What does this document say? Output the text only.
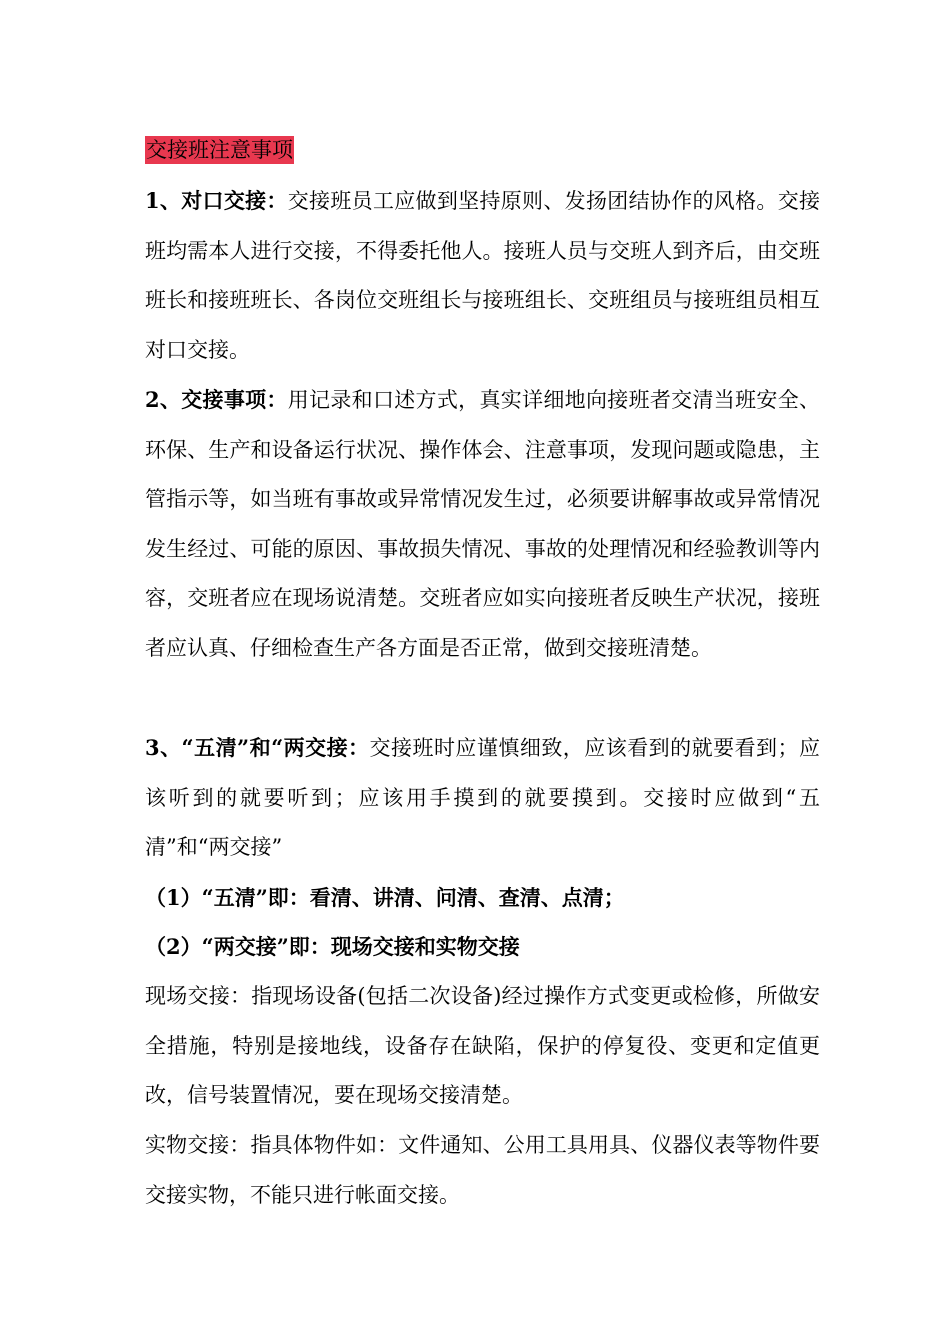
交接班注意事项

1、对口交接：交接班员工应做到坚持原则、发扬团结协作的风格。交接班均需本人进行交接，不得委托他人。接班人员与交班人到齐后，由交班班长和接班班长、各岗位交班组长与接班组长、交班组员与接班组员相互对口交接。

2、交接事项：用记录和口述方式，真实详细地向接班者交清当班安全、环保、生产和设备运行状况、操作体会、注意事项，发现问题或隐患，主管指示等，如当班有事故或异常情况发生过，必须要讲解事故或异常情况发生经过、可能的原因、事故损失情况、事故的处理情况和经验教训等内容，交班者应在现场说清楚。交班者应如实向接班者反映生产状况，接班者应认真、仔细检查生产各方面是否正常，做到交接班清楚。

3、“五清”和“两交接：交接班时应谨慎细致，应该看到的就要看到；应该听到的就要听到；应该用手摸到的就要摸到。交接时应做到“五清”和“两交接”

（1）“五清”即：看清、讲清、问清、查清、点清；
（2）“两交接”即：现场交接和实物交接

现场交接：指现场设备(包括二次设备)经过操作方式变更或检修，所做安全措施，特别是接地线，设备存在缺陷，保护的停复役、变更和定值更改，信号装置情况，要在现场交接清楚。

实物交接：指具体物件如：文件通知、公用工具用具、仪器仪表等物件要交接实物，不能只进行帐面交接。
